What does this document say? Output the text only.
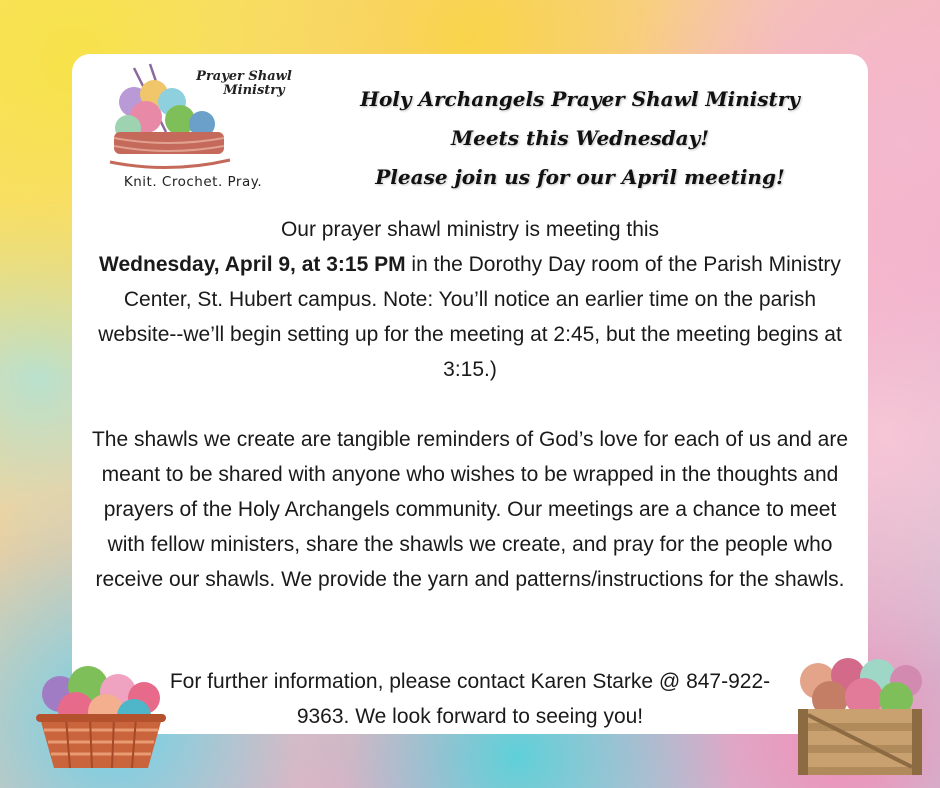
Prayer Shawl
Ministry
Knit. Crochet. Pray.
Holy Archangels Prayer Shawl Ministry
Meets this Wednesday!
Please join us for our April meeting!
Our prayer shawl ministry is meeting this
Wednesday, April 9, at 3:15 PM in the Dorothy Day room of the Parish Ministry Center, St. Hubert campus. Note: You’ll notice an earlier time on the parish website--we’ll begin setting up for the meeting at 2:45, but the meeting begins at 3:15.)
The shawls we create are tangible reminders of God’s love for each of us and are meant to be shared with anyone who wishes to be wrapped in the thoughts and prayers of the Holy Archangels community. Our meetings are a chance to meet with fellow ministers, share the shawls we create, and pray for the people who receive our shawls. We provide the yarn and patterns/instructions for the shawls.
For further information, please contact Karen Starke @ 847-922-9363. We look forward to seeing you!
